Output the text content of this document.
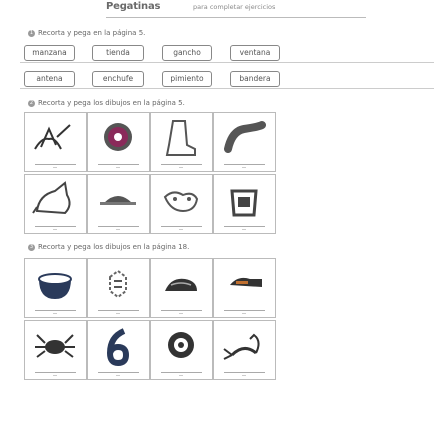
Pegatinas	para completar ejercicios
1 Recorta y pega en la página 5.
manzana	tienda	gancho	ventana
antena	enchufe	pimiento	bandera
2 Recorta y pega los dibujos en la página 5.
3 Recorta y pega los dibujos en la página 18.
